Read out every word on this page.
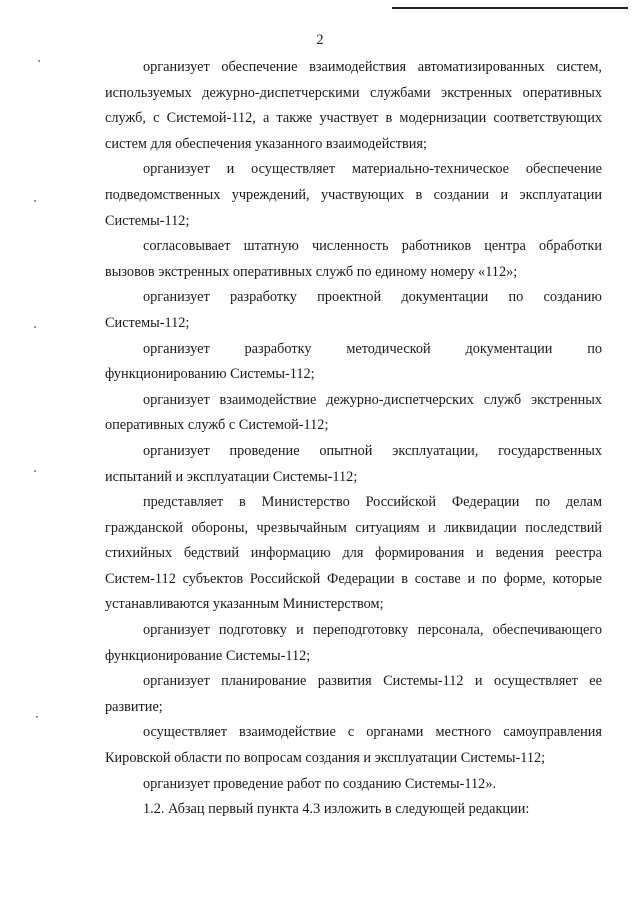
2

организует обеспечение взаимодействия автоматизированных систем, используемых дежурно-диспетчерскими службами экстренных оперативных служб, с Системой-112, а также участвует в модернизации соответствующих систем для обеспечения указанного взаимодействия;

организует и осуществляет материально-техническое обеспечение подведомственных учреждений, участвующих в создании и эксплуатации Системы-112;

согласовывает штатную численность работников центра обработки вызовов экстренных оперативных служб по единому номеру «112»;

организует разработку проектной документации по созданию Системы-112;

организует разработку методической документации по функционированию Системы-112;

организует взаимодействие дежурно-диспетчерских служб экстренных оперативных служб с Системой-112;

организует проведение опытной эксплуатации, государственных испытаний и эксплуатации Системы-112;

представляет в Министерство Российской Федерации по делам гражданской обороны, чрезвычайным ситуациям и ликвидации последствий стихийных бедствий информацию для формирования и ведения реестра Систем-112 субъектов Российской Федерации в составе и по форме, которые устанавливаются указанным Министерством;

организует подготовку и переподготовку персонала, обеспечивающего функционирование Системы-112;

организует планирование развития Системы-112 и осуществляет ее развитие;

осуществляет взаимодействие с органами местного самоуправления Кировской области по вопросам создания и эксплуатации Системы-112;

организует проведение работ по созданию Системы-112».

1.2. Абзац первый пункта 4.3 изложить в следующей редакции:
